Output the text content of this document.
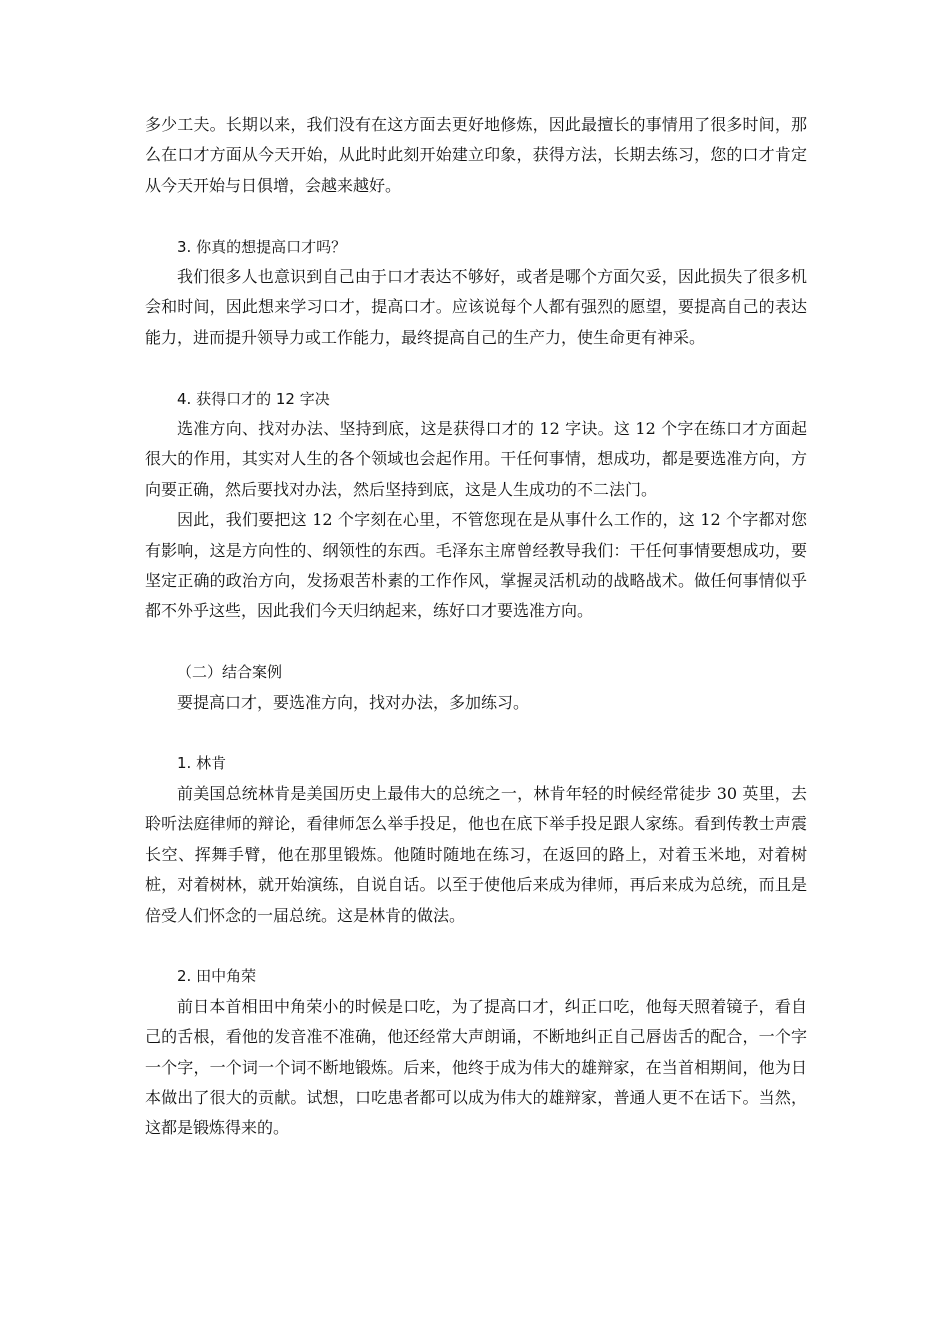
多少工夫。长期以来，我们没有在这方面去更好地修炼，因此最擅长的事情用了很多时间，那么在口才方面从今天开始，从此时此刻开始建立印象，获得方法，长期去练习，您的口才肯定从今天开始与日俱增，会越来越好。

3. 你真的想提高口才吗？

我们很多人也意识到自己由于口才表达不够好，或者是哪个方面欠妥，因此损失了很多机会和时间，因此想来学习口才，提高口才。应该说每个人都有强烈的愿望，要提高自己的表达能力，进而提升领导力或工作能力，最终提高自己的生产力，使生命更有神采。

4. 获得口才的 12 字决

选准方向、找对办法、坚持到底，这是获得口才的 12 字诀。这 12 个字在练口才方面起很大的作用，其实对人生的各个领域也会起作用。干任何事情，想成功，都是要选准方向，方向要正确，然后要找对办法，然后坚持到底，这是人生成功的不二法门。

因此，我们要把这 12 个字刻在心里，不管您现在是从事什么工作的，这 12 个字都对您有影响，这是方向性的、纲领性的东西。毛泽东主席曾经教导我们：干任何事情要想成功，要坚定正确的政治方向，发扬艰苦朴素的工作作风，掌握灵活机动的战略战术。做任何事情似乎都不外乎这些，因此我们今天归纳起来，练好口才要选准方向。

（二）结合案例

要提高口才，要选准方向，找对办法，多加练习。

1. 林肯

前美国总统林肯是美国历史上最伟大的总统之一，林肯年轻的时候经常徒步 30 英里，去聆听法庭律师的辩论，看律师怎么举手投足，他也在底下举手投足跟人家练。看到传教士声震长空、挥舞手臂，他在那里锻炼。他随时随地在练习，在返回的路上，对着玉米地，对着树桩，对着树林，就开始演练，自说自话。以至于使他后来成为律师，再后来成为总统，而且是倍受人们怀念的一届总统。这是林肯的做法。

2. 田中角荣

前日本首相田中角荣小的时候是口吃，为了提高口才，纠正口吃，他每天照着镜子，看自己的舌根，看他的发音准不准确，他还经常大声朗诵，不断地纠正自己唇齿舌的配合，一个字一个字，一个词一个词不断地锻炼。后来，他终于成为伟大的雄辩家，在当首相期间，他为日本做出了很大的贡献。试想，口吃患者都可以成为伟大的雄辩家，普通人更不在话下。当然，这都是锻炼得来的。
